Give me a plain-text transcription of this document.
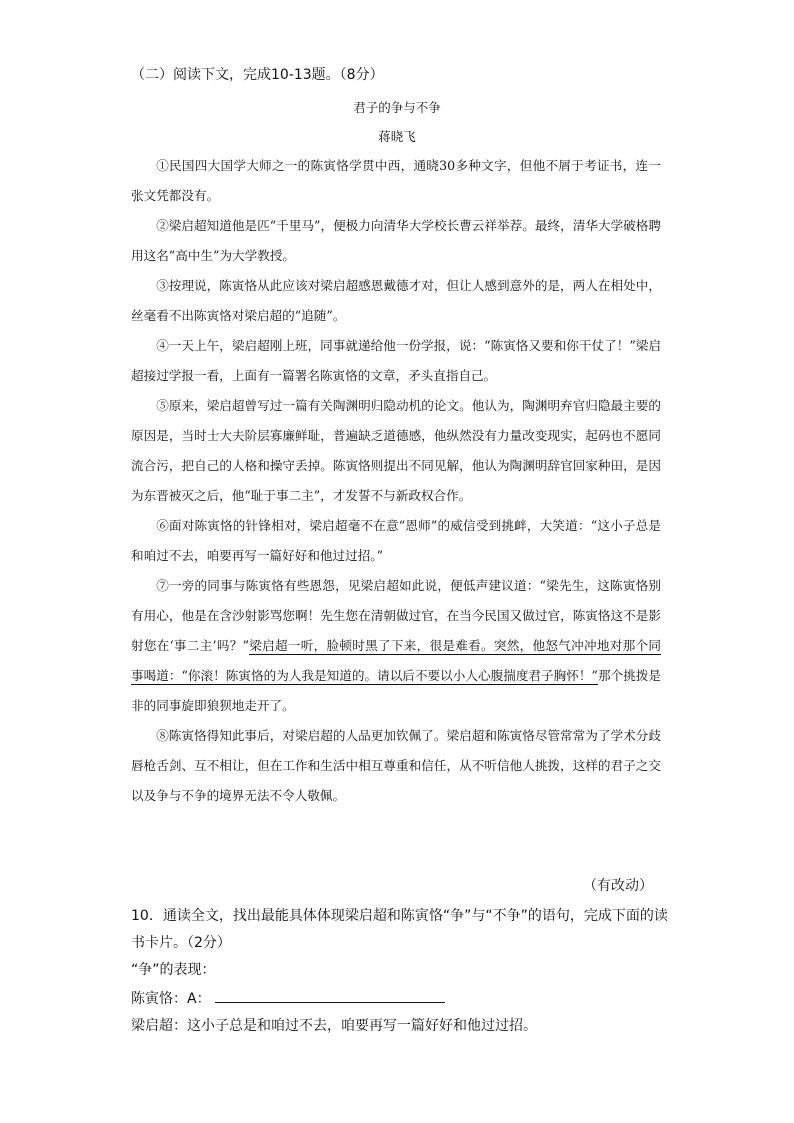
（二）阅读下文，完成10-13题。（8分）
君子的争与不争
蒋晓飞

①民国四大国学大师之一的陈寅恪学贯中西，通晓30多种文字，但他不屑于考证书，连一张文凭都没有。

②梁启超知道他是匹“千里马”，便极力向清华大学校长曹云祥举荐。最终，清华大学破格聘用这名“高中生”为大学教授。

③按理说，陈寅恪从此应该对梁启超感恩戴德才对，但让人感到意外的是，两人在相处中，丝毫看不出陈寅恪对梁启超的“追随”。

④一天上午，梁启超刚上班，同事就递给他一份学报，说：“陈寅恪又要和你干仗了！”梁启超接过学报一看，上面有一篇署名陈寅恪的文章，矛头直指自己。

⑤原来，梁启超曾写过一篇有关陶渊明归隐动机的论文。他认为，陶渊明弃官归隐最主要的原因是，当时士大夫阶层寡廉鲜耻，普遍缺乏道德感，他纵然没有力量改变现实，起码也不愿同流合污，把自己的人格和操守丢掉。陈寅恪则提出不同见解，他认为陶渊明辞官回家种田，是因为东晋被灭之后，他“耻于事二主”，才发誓不与新政权合作。

⑥面对陈寅恪的针锋相对，梁启超毫不在意“恩师”的威信受到挑衅，大笑道：“这小子总是和咱过不去，咱要再写一篇好好和他过过招。”

⑦一旁的同事与陈寅恪有些恩怨，见梁启超如此说，便低声建议道：“梁先生，这陈寅恪别有用心，他是在含沙射影骂您啊！先生您在清朝做过官，在当今民国又做过官，陈寅恪这不是影射您在‘事二主’吗？”梁启超一听，脸顿时黑了下来，很是难看。突然，他怒气冲冲地对那个同事喝道：“你滚！陈寅恪的为人我是知道的。请以后不要以小人心腹揣度君子胸怀！”那个挑拨是非的同事旋即狼狈地走开了。

⑧陈寅恪得知此事后，对梁启超的人品更加钦佩了。梁启超和陈寅恪尽管常常为了学术分歧唇枪舌剑、互不相让，但在工作和生活中相互尊重和信任，从不听信他人挑拨，这样的君子之交以及争与不争的境界无法不令人敬佩。

（有改动）

10．通读全文，找出最能具体体现梁启超和陈寅恪“争”与“不争”的语句，完成下面的读

书卡片。（2分）

“争”的表现：

陈寅恪：A：

梁启超：这小子总是和咱过不去，咱要再写一篇好好和他过过招。
